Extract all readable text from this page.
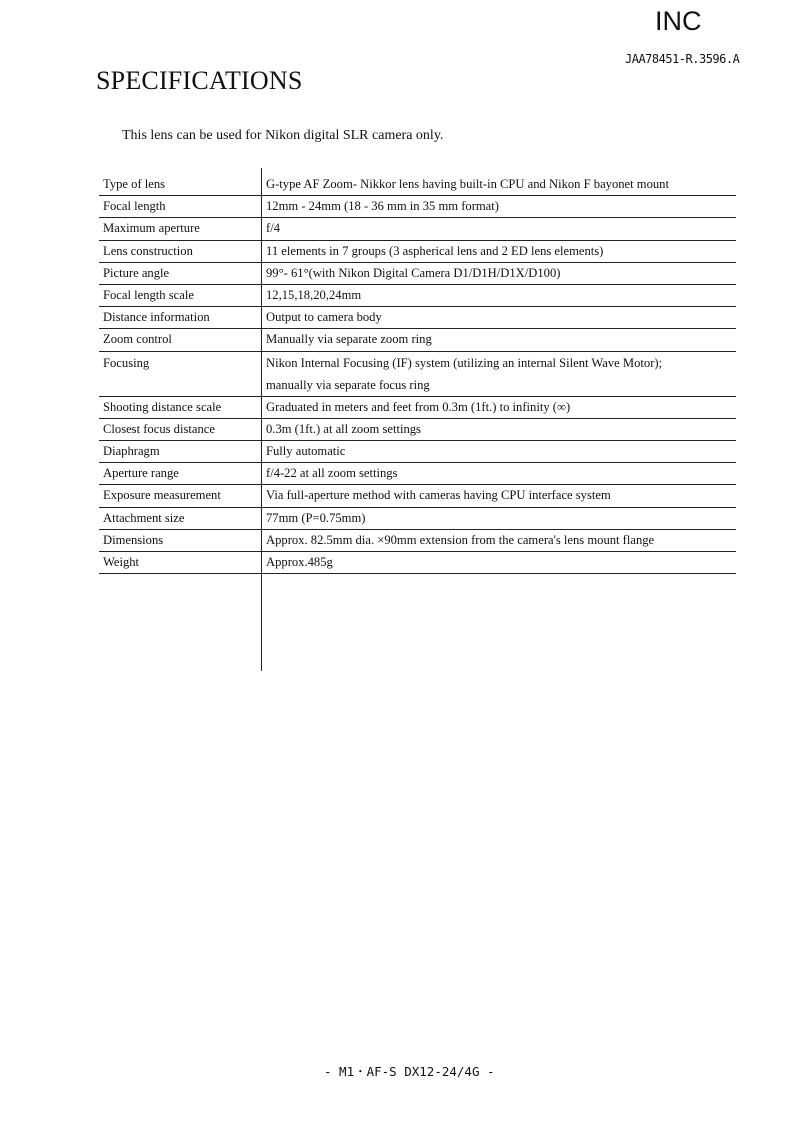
INC
JAA78451-R.3596.A
SPECIFICATIONS
This lens can be used for Nikon digital SLR camera only.
Type of lens	G-type AF Zoom- Nikkor lens having built-in CPU and Nikon F bayonet mount
Focal length	12mm - 24mm (18 - 36 mm in 35 mm format)
Maximum aperture	f/4
Lens construction	11 elements in 7 groups (3 aspherical lens and 2 ED lens elements)
Picture angle	99°- 61°(with Nikon Digital Camera D1/D1H/D1X/D100)
Focal length scale	12,15,18,20,24mm
Distance information	Output to camera body
Zoom control	Manually via separate zoom ring
Focusing	Nikon Internal Focusing (IF) system (utilizing an internal Silent Wave Motor);
manually via separate focus ring

Shooting distance scale	Graduated in meters and feet from 0.3m (1ft.) to infinity (∞)
Closest focus distance	0.3m (1ft.) at all zoom settings
Diaphragm	Fully automatic
Aperture range	f/4-22 at all zoom settings
Exposure measurement	Via full-aperture method with cameras having CPU interface system
Attachment size	77mm (P=0.75mm)
Dimensions	Approx. 82.5mm dia. ×90mm extension from the camera's lens mount flange
Weight	Approx.485g

- M1・AF-S DX12-24/4G -
